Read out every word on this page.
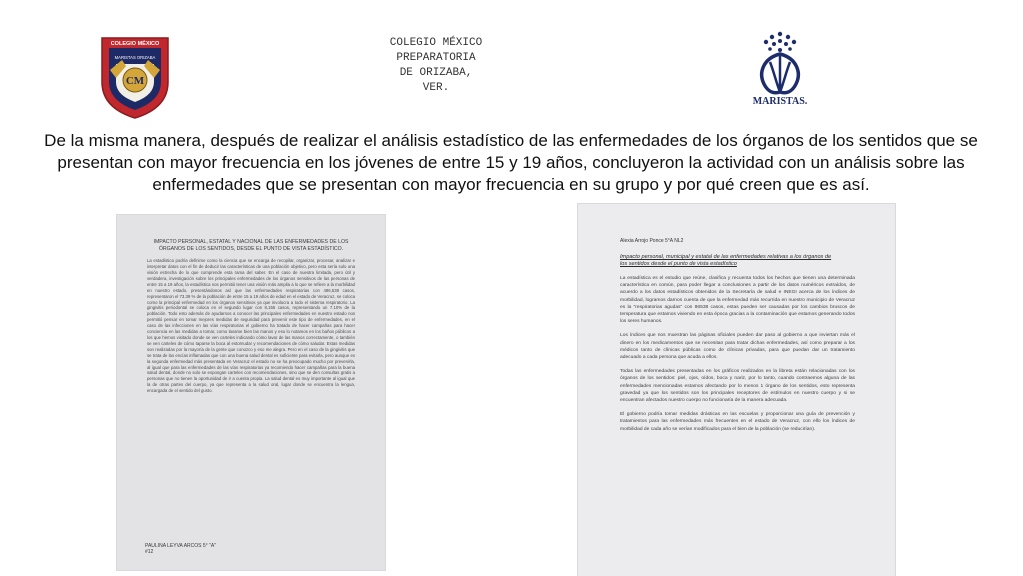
CM
COLEGIO MÉXICO
MARISTAS ORIZABA
COLEGIO MÉXICO
PREPARATORIA
DE ORIZABA,
VER.
MARISTAS.
De la misma manera, después de realizar el análisis estadístico de las enfermedades de los órganos de los sentidos que se presentan con mayor frecuencia en los jóvenes de entre 15 y 19 años, concluyeron la actividad con un análisis sobre las enfermedades que se presentan con mayor frecuencia en su grupo y por qué creen que es así.
IMPACTO PERSONAL, ESTATAL Y NACIONAL DE LAS ENFERMEDADES DE LOS ÓRGANOS DE LOS SENTIDOS, DESDE EL PUNTO DE VISTA ESTADÍSTICO.
La estadística podría definirse como la ciencia que se encarga de recopilar, organizar, procesar, analizar e interpretar datos con el fin de deducir las características de una población objetivo, pero esta sería solo una visión estrecha de lo que comprende esta rama del saber. En el caso de nuestra limitada, pero útil y verdadera, investigación sobre los principales enfermedades de los órganos sensitivos de las personas de entre 15 a 19 años, la estadística nos permitió tener una visión más amplia a lo que se refiere a la morbilidad en nuestro estado, presentándonos así que las enfermedades respiratorias con 486,538 casos, representaron el 73.39 % de la población de entre 15 a 19 años de edad en el estado de Veracruz, se coloca como la principal enfermedad en los órganos sensitivos ya que involucra a todo el sistema respiratorio. La gingivitis periodontal se coloca en el segundo lugar con 8,155 casos, representando un 7.10% de la población. Todo esto además de ayudarnos a conocer las principales enfermedades en nuestro estado nos permitió pensar en tomar mejores medidas de seguridad para prevenir este tipo de enfermedades, en el caso de las infecciones en las vías respiratorias el gobierno ha tratado de hacer campañas para hacer conciencia en las medidas a tomar, como lavarse bien las manos y eso lo notamos en los baños públicos a los que hemos visitado donde se ven carteles indicando cómo lavar de las manos correctamente, o también se ven carteles de cómo taparse la boca al estornudar y recomendaciones de cómo saludar. Estas medidas son realizadas por la mayoría de la gente que conozco y eso me alegra. Pero en el caso de la gingivitis que se trata de las encías inflamadas que con una buena salud dental es suficiente para evitarla, pero aunque es la segunda enfermedad más presentada en Veracruz el estado no se ha preocupado mucho por prevenirla, al igual que para las enfermedades de las vías respiratorias ya recomiendo hacer campañas para la buena salud dental, donde no solo se expongan carteles con recomendaciones, sino que se den consultas gratis a personas que no tienen la oportunidad de ir a cuenta propia. La salud dental es muy importante al igual que la de otras partes del cuerpo, ya que representa a la salud oral, lugar donde se encuentra la lengua, encargada de el sentido del gusto.
PAULINA LEYVA ARCOS 5° "A"
#12
Alexia Arrojo Ponce 5°A NL2
Impacto personal, municipal y estatal de las enfermedades relativas a los órganos de los sentidos desde el punto de vista estadístico
La estadística es el estudio que reúne, clasifica y recuenta todos los hechos que tienen una determinada característica en común, para poder llegar a conclusiones a partir de los datos numéricos extraídos, de acuerdo a los datos estadísticos obtenidos de la Secretaría de salud e INEGI acerca de los índices de morbilidad, logramos darnos cuenta de que la enfermedad más recurrida en nuestro municipio de Veracruz es la "respiratorias agudas" con 86538 casos, estas pueden ser causadas por los cambios bruscos de temperatura que estamos viviendo en esta época gracias a la contaminación que estamos generando todos los seres humanos.
Los índices que nos muestran las páginas oficiales pueden dar paso al gobierno a que inviertan más el dinero en los medicamentos que se necesitan para tratar dichas enfermedades, así como preparar a los médicos tanto de clínicas públicas como de clínicas privadas, para que puedan dar un tratamiento adecuado a cada persona que acuda a ellos.
Todas las enfermedades presentadas en los gráficos realizados en la libreta están relacionadas con los órganos de los sentidos: piel, ojos, oídos, boca y nariz, por lo tanto, cuando contraemos alguna de las enfermedades mencionadas estamos afectando por lo menos 1 órgano de los sentidos, esto representa gravedad ya que los sentidos son los principales receptores de estímulos en nuestro cuerpo y si se encuentran afectados nuestro cuerpo no funcionaría de la manera adecuada.
El gobierno podría tomar medidas drásticas en las escuelas y proporcionar una guía de prevención y tratamientos para las enfermedades más frecuentes en el estado de Veracruz, con ello los índices de morbilidad de cada año se verían modificados para el bien de la población (se reducirían).
